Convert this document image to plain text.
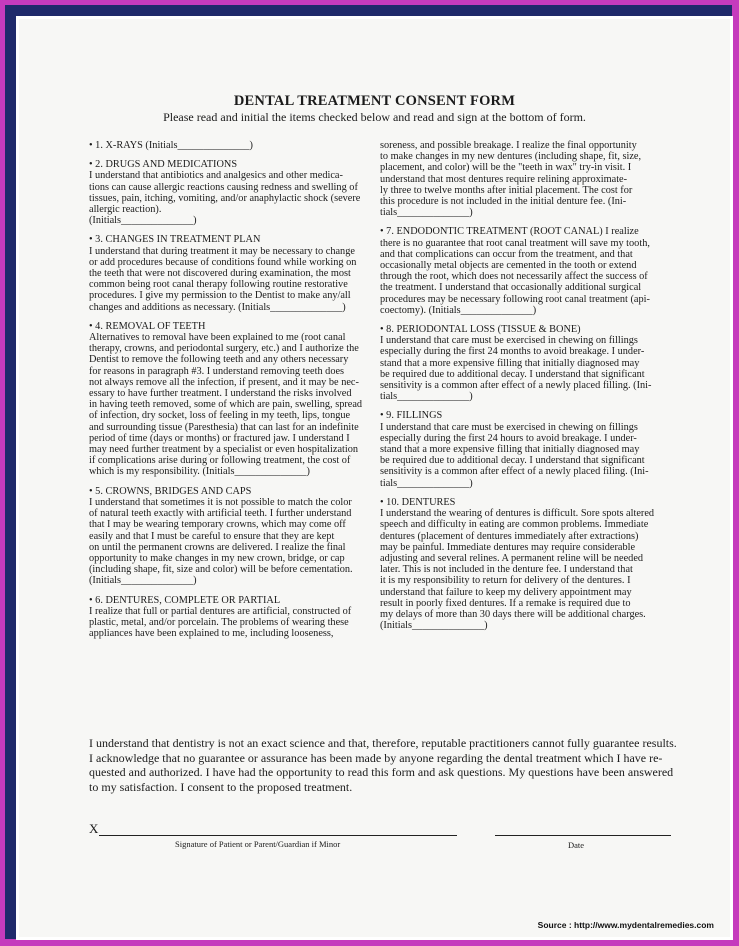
DENTAL TREATMENT CONSENT FORM
Please read and initial the items checked below and read and sign at the bottom of form.
• 1. X-RAYS (Initials______________)
• 2. DRUGS AND MEDICATIONS
I understand that antibiotics and analgesics and other medica-
tions can cause allergic reactions causing redness and swelling of
tissues, pain, itching, vomiting, and/or anaphylactic shock (severe
allergic reaction).
(Initials______________)
• 3. CHANGES IN TREATMENT PLAN
I understand that during treatment it may be necessary to change
or add procedures because of conditions found while working on
the teeth that were not discovered during examination, the most
common being root canal therapy following routine restorative
procedures. I give my permission to the Dentist to make any/all
changes and additions as necessary. (Initials______________)
• 4. REMOVAL OF TEETH
Alternatives to removal have been explained to me (root canal
therapy, crowns, and periodontal surgery, etc.) and I authorize the
Dentist to remove the following teeth and any others necessary
for reasons in paragraph #3. I understand removing teeth does
not always remove all the infection, if present, and it may be nec-
essary to have further treatment. I understand the risks involved
in having teeth removed, some of which are pain, swelling, spread
of infection, dry socket, loss of feeling in my teeth, lips, tongue
and surrounding tissue (Paresthesia) that can last for an indefinite
period of time (days or months) or fractured jaw. I understand I
may need further treatment by a specialist or even hospitalization
if complications arise during or following treatment, the cost of
which is my responsibility. (Initials______________)
• 5. CROWNS, BRIDGES AND CAPS
I understand that sometimes it is not possible to match the color
of natural teeth exactly with artificial teeth. I further understand
that I may be wearing temporary crowns, which may come off
easily and that I must be careful to ensure that they are kept
on until the permanent crowns are delivered. I realize the final
opportunity to make changes in my new crown, bridge, or cap
(including shape, fit, size and color) will be before cementation.
(Initials______________)
• 6. DENTURES, COMPLETE OR PARTIAL
I realize that full or partial dentures are artificial, constructed of
plastic, metal, and/or porcelain. The problems of wearing these
appliances have been explained to me, including looseness,
soreness, and possible breakage. I realize the final opportunity
to make changes in my new dentures (including shape, fit, size,
placement, and color) will be the "teeth in wax" try-in visit. I
understand that most dentures require relining approximate-
ly three to twelve months after initial placement. The cost for
this procedure is not included in the initial denture fee. (Ini-
tials______________)
• 7. ENDODONTIC TREATMENT (ROOT CANAL) I realize
there is no guarantee that root canal treatment will save my tooth,
and that complications can occur from the treatment, and that
occasionally metal objects are cemented in the tooth or extend
through the root, which does not necessarily affect the success of
the treatment. I understand that occasionally additional surgical
procedures may be necessary following root canal treatment (api-
coectomy). (Initials______________)
• 8. PERIODONTAL LOSS (TISSUE & BONE)
I understand that care must be exercised in chewing on fillings
especially during the first 24 months to avoid breakage. I under-
stand that a more expensive filling that initially diagnosed may
be required due to additional decay. I understand that significant
sensitivity is a common after effect of a newly placed filling. (Ini-
tials______________)
• 9. FILLINGS
I understand that care must be exercised in chewing on fillings
especially during the first 24 hours to avoid breakage. I under-
stand that a more expensive filling that initially diagnosed may
be required due to additional decay. I understand that significant
sensitivity is a common after effect of a newly placed filing. (Ini-
tials______________)
• 10. DENTURES
I understand the wearing of dentures is difficult. Sore spots altered
speech and difficulty in eating are common problems. Immediate
dentures (placement of dentures immediately after extractions)
may be painful. Immediate dentures may require considerable
adjusting and several relines. A permanent reline will be needed
later. This is not included in the denture fee. I understand that
it is my responsibility to return for delivery of the dentures. I
understand that failure to keep my delivery appointment may
result in poorly fixed dentures. If a remake is required due to
my delays of more than 30 days there will be additional charges.
(Initials______________)
I understand that dentistry is not an exact science and that, therefore, reputable practitioners cannot fully guarantee results.
I acknowledge that no guarantee or assurance has been made by anyone regarding the dental treatment which I have re-
quested and authorized. I have had the opportunity to read this form and ask questions. My questions have been answered
to my satisfaction. I consent to the proposed treatment.
X
Signature of Patient or Parent/Guardian if Minor	Date
Source : http://www.mydentalremedies.com
